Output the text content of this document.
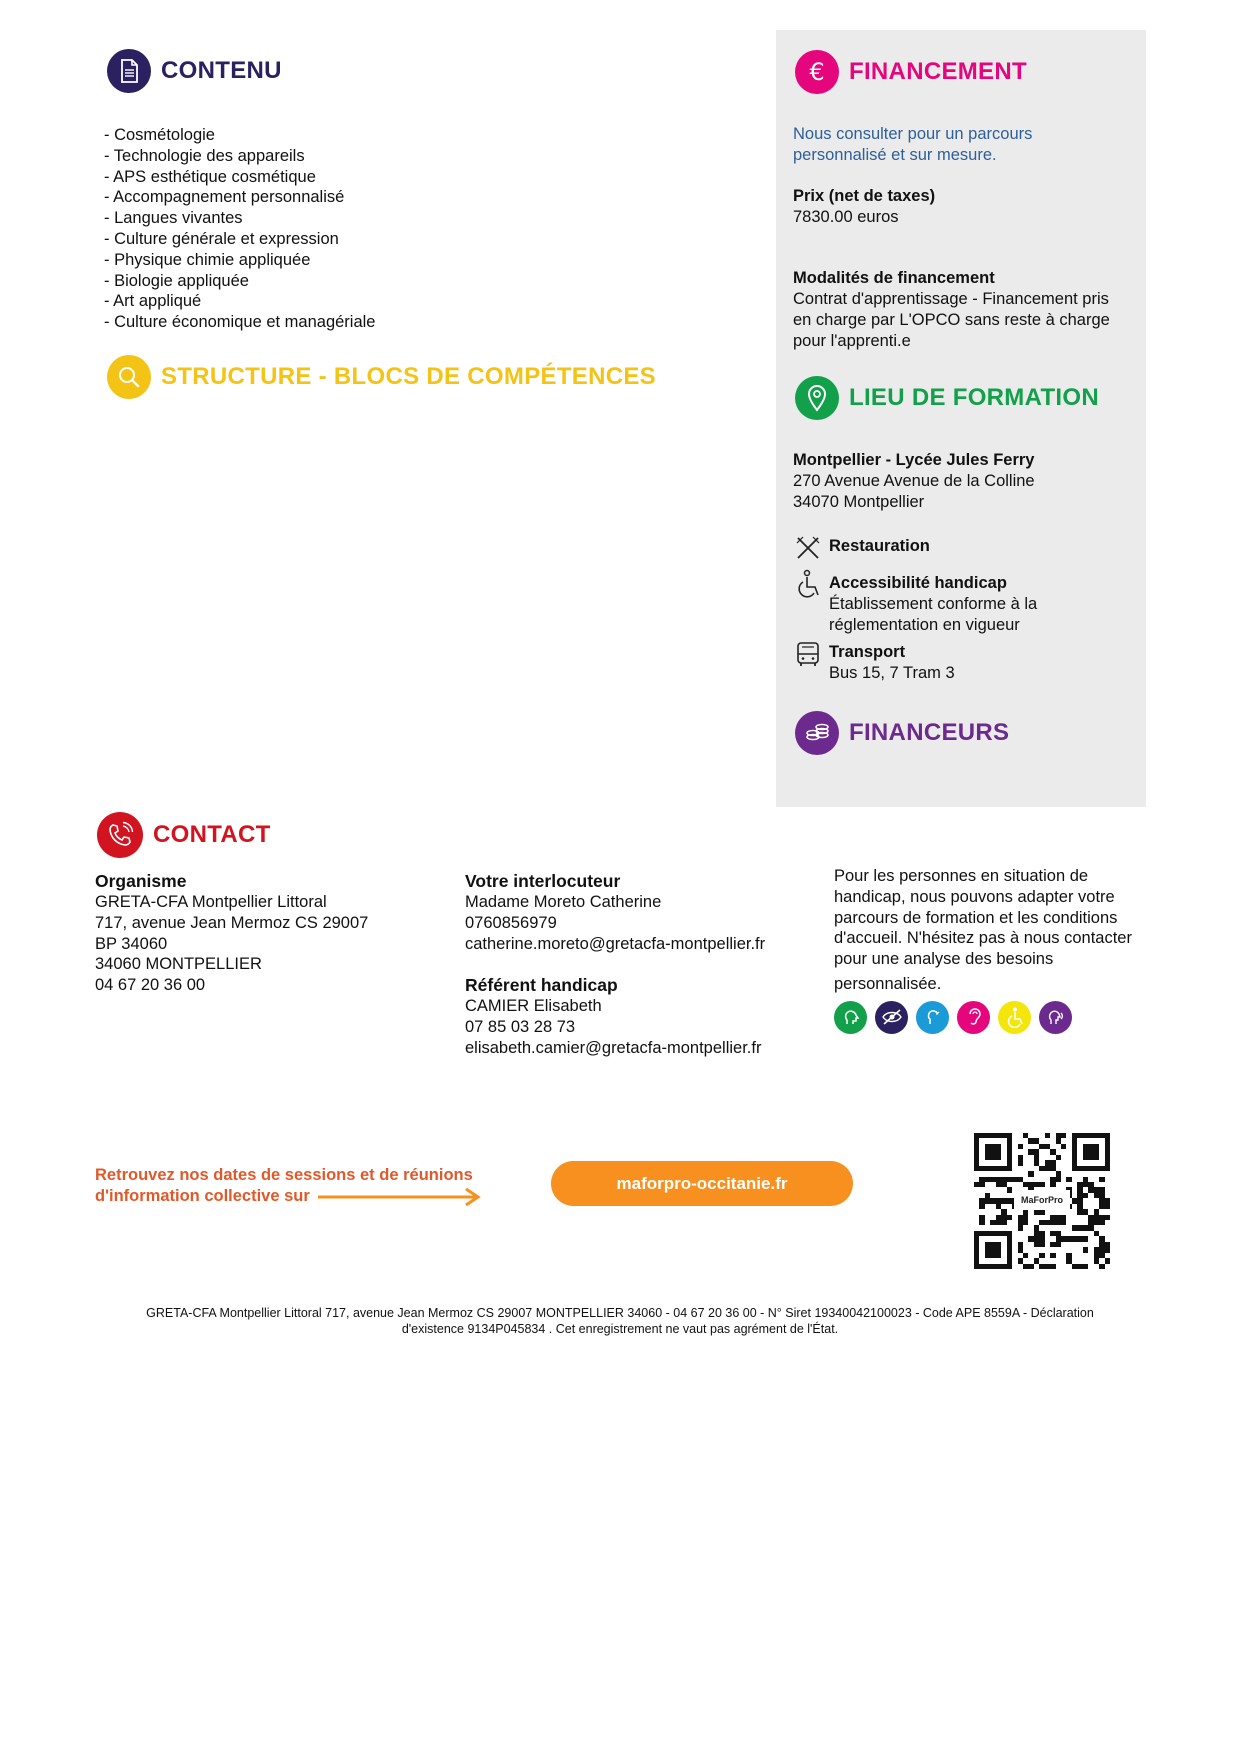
CONTENU
- Cosmétologie
- Technologie des appareils
- APS esthétique cosmétique
- Accompagnement personnalisé
- Langues vivantes
- Culture générale et expression
- Physique chimie appliquée
- Biologie appliquée
- Art appliqué
- Culture économique et managériale
STRUCTURE - BLOCS DE COMPÉTENCES
€ FINANCEMENT
Nous consulter pour un parcours
personnalisé et sur mesure.
Prix (net de taxes)
7830.00 euros
Modalités de financement
Contrat d'apprentissage - Financement pris
en charge par L'OPCO sans reste à charge
pour l'apprenti.e
LIEU DE FORMATION
Montpellier - Lycée Jules Ferry
270 Avenue Avenue de la Colline
34070 Montpellier
Restauration
Accessibilité handicap
Établissement conforme à la
réglementation en vigueur
Transport
Bus 15, 7 Tram 3
FINANCEURS
CONTACT
Organisme
GRETA-CFA Montpellier Littoral
717, avenue Jean Mermoz CS 29007
BP 34060
34060 MONTPELLIER
04 67 20 36 00
Votre interlocuteur
Madame Moreto Catherine
0760856979
catherine.moreto@gretacfa-montpellier.fr
Référent handicap
CAMIER Elisabeth
07 85 03 28 73
elisabeth.camier@gretacfa-montpellier.fr
Pour les personnes en situation de
handicap, nous pouvons adapter votre
parcours de formation et les conditions
d'accueil. N'hésitez pas à nous contacter
pour une analyse des besoins
personnalisée.
Retrouvez nos dates de sessions et de réunions
d'information collective sur
maforpro-occitanie.fr
MaForPro
GRETA-CFA Montpellier Littoral 717, avenue Jean Mermoz CS 29007 MONTPELLIER 34060 - 04 67 20 36 00 - N° Siret 19340042100023 - Code APE 8559A - Déclaration
d'existence 9134P045834 . Cet enregistrement ne vaut pas agrément de l'État.
